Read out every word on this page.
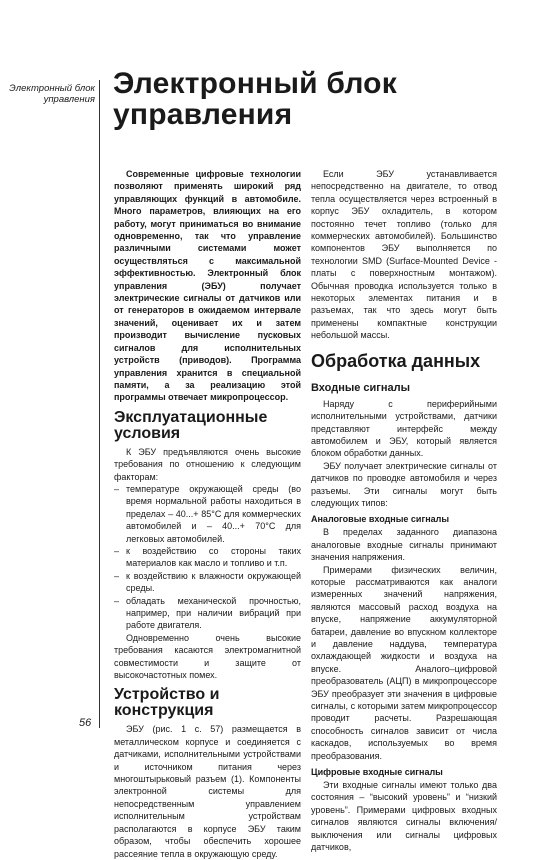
Электронный блок управления
56
Электронный блок управления

Современные цифровые технологии позволяют применять широкий ряд управляющих функций в автомобиле. Много параметров, влияющих на его работу, могут приниматься во внимание одновременно, так что управление различными системами может осуществляться с максимальной эффективностью. Электронный блок управления (ЭБУ) получает электрические сигналы от датчиков или от генераторов в ожидаемом интервале значений, оценивает их и затем производит вычисление пусковых сигналов для исполнительных устройств (приводов). Программа управления хранится в специальной памяти, а за реализацию этой программы отвечает микропроцессор.

Эксплуатационные условия

К ЭБУ предъявляются очень высокие требования по отношению к следующим факторам:

– температуре окружающей среды (во время нормальной работы находиться в пределах – 40...+ 85°С для коммерческих автомобилей и – 40...+ 70°С для легковых автомобилей.
– к воздействию со стороны таких материалов как масло и топливо и т.п.
– к воздействию к влажности окружающей среды.
– обладать механической прочностью, например, при наличии вибраций при работе двигателя.

Одновременно очень высокие требования касаются электромагнитной совместимости и защите от высокочастотных помех.

Устройство и конструкция

ЭБУ (рис. 1 с. 57) размещается в металлическом корпусе и соединяется с датчиками, исполнительными устройствами и источником питания через многоштырьковый разъем (1). Компоненты электронной системы для непосредственным управлением исполнительным устройствам располагаются в корпусе ЭБУ таким образом, чтобы обеспечить хорошее рассеяние тепла в окружающую среду.

Если ЭБУ устанавливается непосредственно на двигателе, то отвод тепла осуществляется через встроенный в корпус ЭБУ охладитель, в котором постоянно течет топливо (только для коммерческих автомобилей). Большинство компонентов ЭБУ выполняется по технологии SMD (Surface-Mounted Device - платы с поверхностным монтажом). Обычная проводка используется только в некоторых элементах питания и в разъемах, так что здесь могут быть применены компактные конструкции небольшой массы.

Обработка данных
Входные сигналы

Наряду с периферийными исполнительными устройствами, датчики представляют интерфейс между автомобилем и ЭБУ, который является блоком обработки данных.

ЭБУ получает электрические сигналы от датчиков по проводке автомобиля и через разъемы. Эти сигналы могут быть следующих типов:

Аналоговые входные сигналы

В пределах заданного диапазона аналоговые входные сигналы принимают значения напряжения.

Примерами физических величин, которые рассматриваются как аналоги измеренных значений напряжения, являются массовый расход воздуха на впуске, напряжение аккумуляторной батареи, давление во впускном коллекторе и давление наддува, температура охлаждающей жидкости и воздуха на впуске. Аналого–цифровой преобразователь (АЦП) в микропроцессоре ЭБУ преобразует эти значения в цифровые сигналы, с которыми затем микропроцессор проводит расчеты. Разрешающая способность сигналов зависит от числа каскадов, используемых во время преобразования.

Цифровые входные сигналы

Эти входные сигналы имеют только два состояния – “высокий уровень” и “низкий уровень”. Примерами цифровых входных сигналов являются сигналы включения/выключения или сигналы цифровых датчиков,
